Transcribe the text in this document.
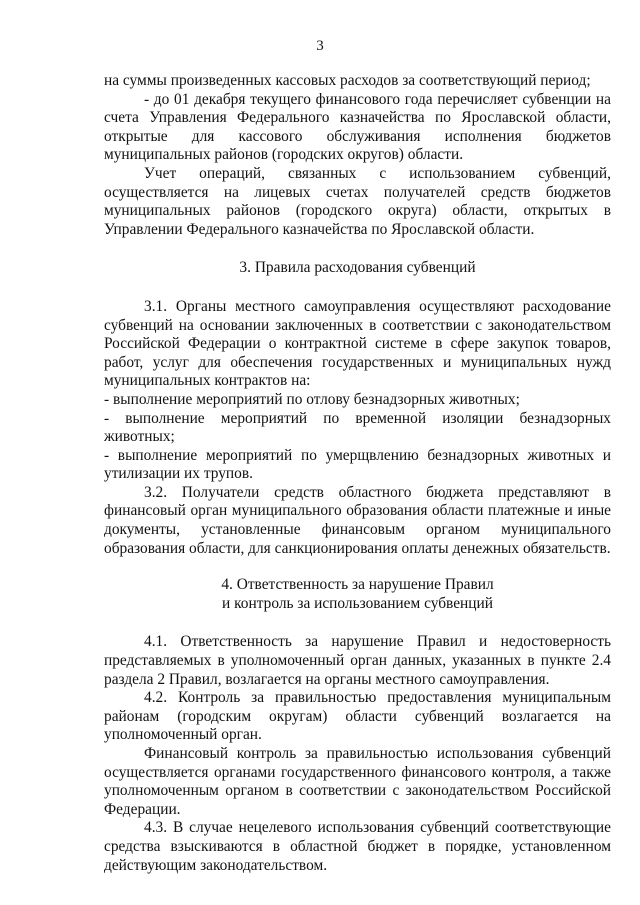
3

на суммы произведенных кассовых расходов за соответствующий период;

- до 01 декабря текущего финансового года перечисляет субвенции на счета Управления Федерального казначейства по Ярославской области, открытые для кассового обслуживания исполнения бюджетов муниципальных районов (городских округов) области.

Учет операций, связанных с использованием субвенций, осуществляется на лицевых счетах получателей средств бюджетов муниципальных районов (городского округа) области, открытых в Управлении Федерального казначейства по Ярославской области.

3. Правила расходования субвенций

3.1. Органы местного самоуправления осуществляют расходование субвенций на основании заключенных в соответствии с законодательством Российской Федерации о контрактной системе в сфере закупок товаров, работ, услуг для обеспечения государственных и муниципальных нужд муниципальных контрактов на:

- выполнение мероприятий по отлову безнадзорных животных;

- выполнение мероприятий по временной изоляции безнадзорных животных;

- выполнение мероприятий по умерщвлению безнадзорных животных и утилизации их трупов.

3.2. Получатели средств областного бюджета представляют в финансовый орган муниципального образования области платежные и иные документы, установленные финансовым органом муниципального образования области, для санкционирования оплаты денежных обязательств.

4. Ответственность за нарушение Правил

и контроль за использованием субвенций

4.1. Ответственность за нарушение Правил и недостоверность представляемых в уполномоченный орган данных, указанных в пункте 2.4 раздела 2 Правил, возлагается на органы местного самоуправления.

4.2. Контроль за правильностью предоставления муниципальным районам (городским округам) области субвенций возлагается на уполномоченный орган.

Финансовый контроль за правильностью использования субвенций осуществляется органами государственного финансового контроля, а также уполномоченным органом в соответствии с законодательством Российской Федерации.

4.3. В случае нецелевого использования субвенций соответствующие средства взыскиваются в областной бюджет в порядке, установленном действующим законодательством.
